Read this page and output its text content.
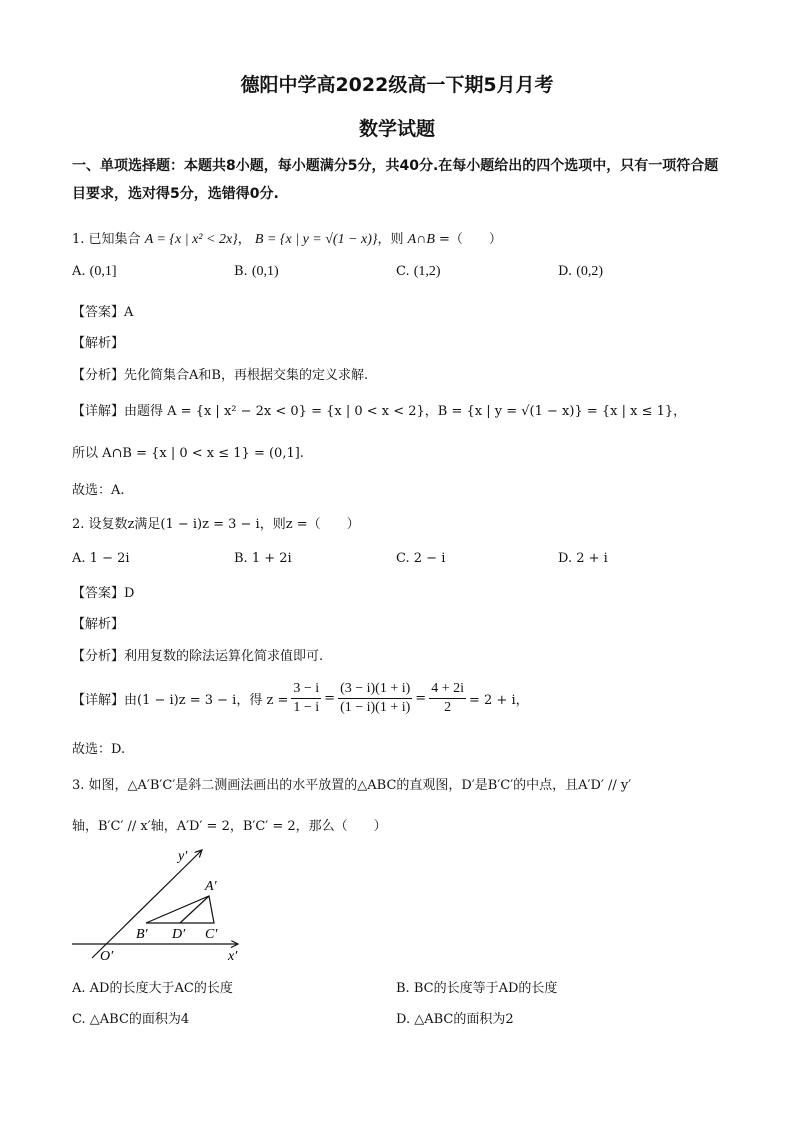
德阳中学高2022级高一下期5月月考
数学试题
一、单项选择题：本题共8小题，每小题满分5分，共40分.在每小题给出的四个选项中，只有一项符合题目要求，选对得5分，选错得0分.
1. 已知集合 A = {x | x² < 2x}， B = {x | y = √(1 − x)}，则 A∩B =（　　）
A. (0,1]	B. (0,1)	C. (1,2)	D. (0,2)
【答案】A
【解析】
【分析】先化简集合A和B，再根据交集的定义求解.
【详解】由题得 A = {x | x² − 2x < 0} = {x | 0 < x < 2}，B = {x | y = √(1 − x)} = {x | x ≤ 1}，
所以 A∩B = {x | 0 < x ≤ 1} = (0,1].
故选：A.
2. 设复数z满足(1 − i)z = 3 − i，则z =（　　）
A. 1 − 2i	B. 1 + 2i	C. 2 − i	D. 2 + i
【答案】D
【解析】
【分析】利用复数的除法运算化简求值即可.
【详解】 由(1 − i)z = 3 − i，得 $z = \frac{3 - i}{1 - i} = \frac{(3 - i)(1 + i)}{(1 - i)(1 + i)} = \frac{4 + 2i}{2} = 2 + i$，
故选：D.
3. 如图，△A′B′C′是斜二测画法画出的水平放置的△ABC的直观图，D′是B′C′的中点，且A′D′ // y′
轴，B′C′ // x′轴，A′D′ = 2，B′C′ = 2，那么（　　）
y′
x′
O′
A′
B′ D′ C′
A. AD的长度大于AC的长度	B. BC的长度等于AD的长度
C. △ABC的面积为4	D. △ABC的面积为2
